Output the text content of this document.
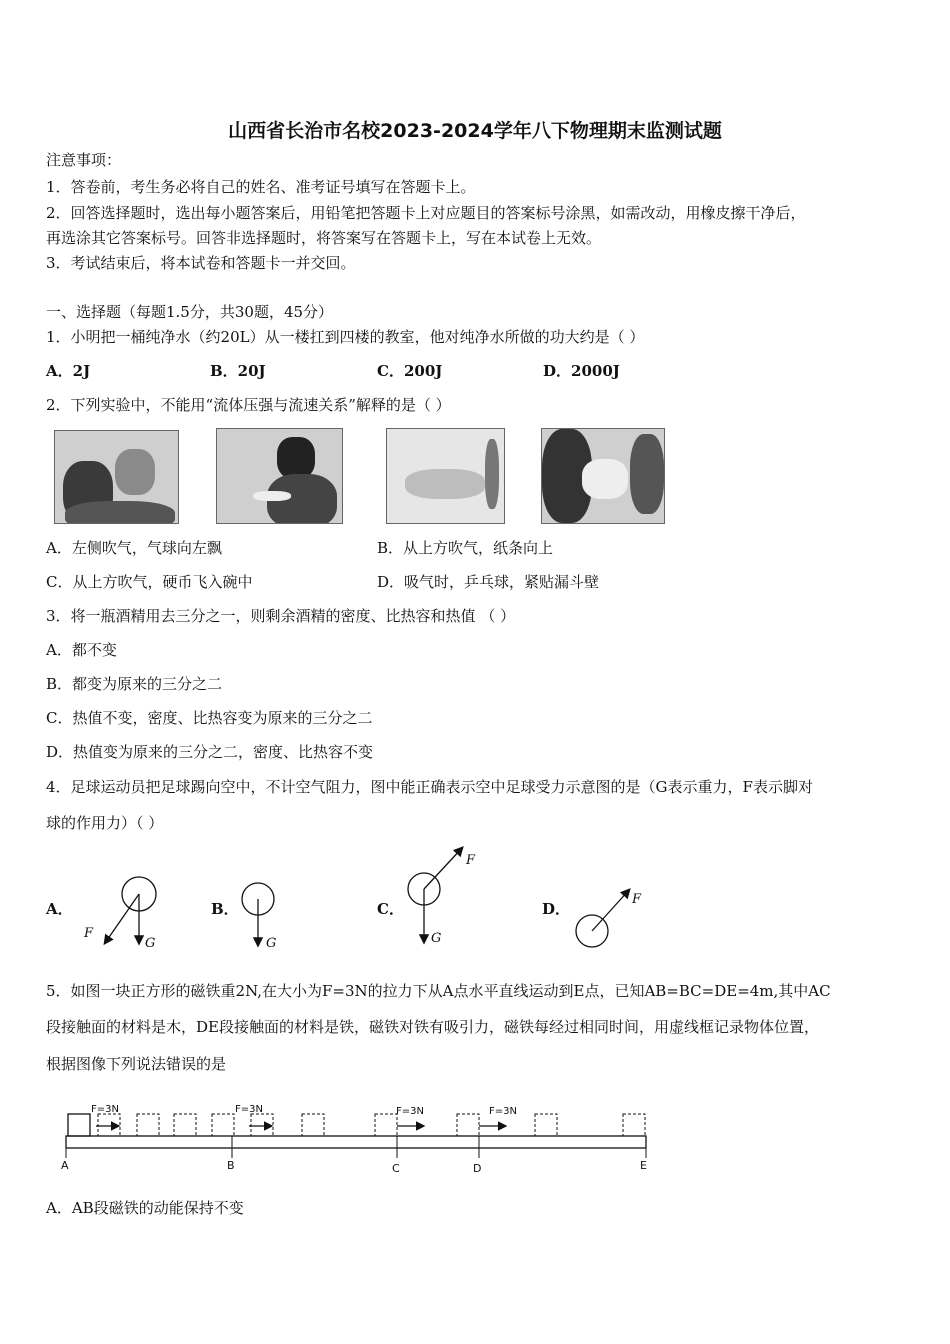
山西省长治市名校2023-2024学年八下物理期末监测试题
注意事项：
1．答卷前，考生务必将自己的姓名、准考证号填写在答题卡上。
2．回答选择题时，选出每小题答案后，用铅笔把答题卡上对应题目的答案标号涂黑，如需改动，用橡皮擦干净后，
再选涂其它答案标号。回答非选择题时，将答案写在答题卡上，写在本试卷上无效。
3．考试结束后，将本试卷和答题卡一并交回。
一、选择题（每题1.5分，共30题，45分）
1．小明把一桶纯净水（约20L）从一楼扛到四楼的教室，他对纯净水所做的功大约是（ ）
A．2J	B．20J	C．200J	D．2000J
2．下列实验中，不能用“流体压强与流速关系”解释的是（ ）
A．左侧吹气，气球向左飘	B．从上方吹气，纸条向上
C．从上方吹气，硬币飞入碗中	D．吸气时，乒乓球，紧贴漏斗壁
3．将一瓶酒精用去三分之一，则剩余酒精的密度、比热容和热值 （ ）
A．都不变
B．都变为原来的三分之二
C．热值不变，密度、比热容变为原来的三分之二
D．热值变为原来的三分之二，密度、比热容不变
4．足球运动员把足球踢向空中，不计空气阻力，图中能正确表示空中足球受力示意图的是（G表示重力，F表示脚对
球的作用力）（ ）
A．	B．	C．	D．
F
G	G
F
G
F
5．如图一块正方形的磁铁重2N,在大小为F=3N的拉力下从A点水平直线运动到E点，已知AB=BC=DE=4m,其中AC
段接触面的材料是木，DE段接触面的材料是铁，磁铁对铁有吸引力，磁铁每经过相同时间，用虚线框记录物体位置，
根据图像下列说法错误的是
F=3N	F=3N	F=3N	F=3N
A	B	C	D	E
A．AB段磁铁的动能保持不变
